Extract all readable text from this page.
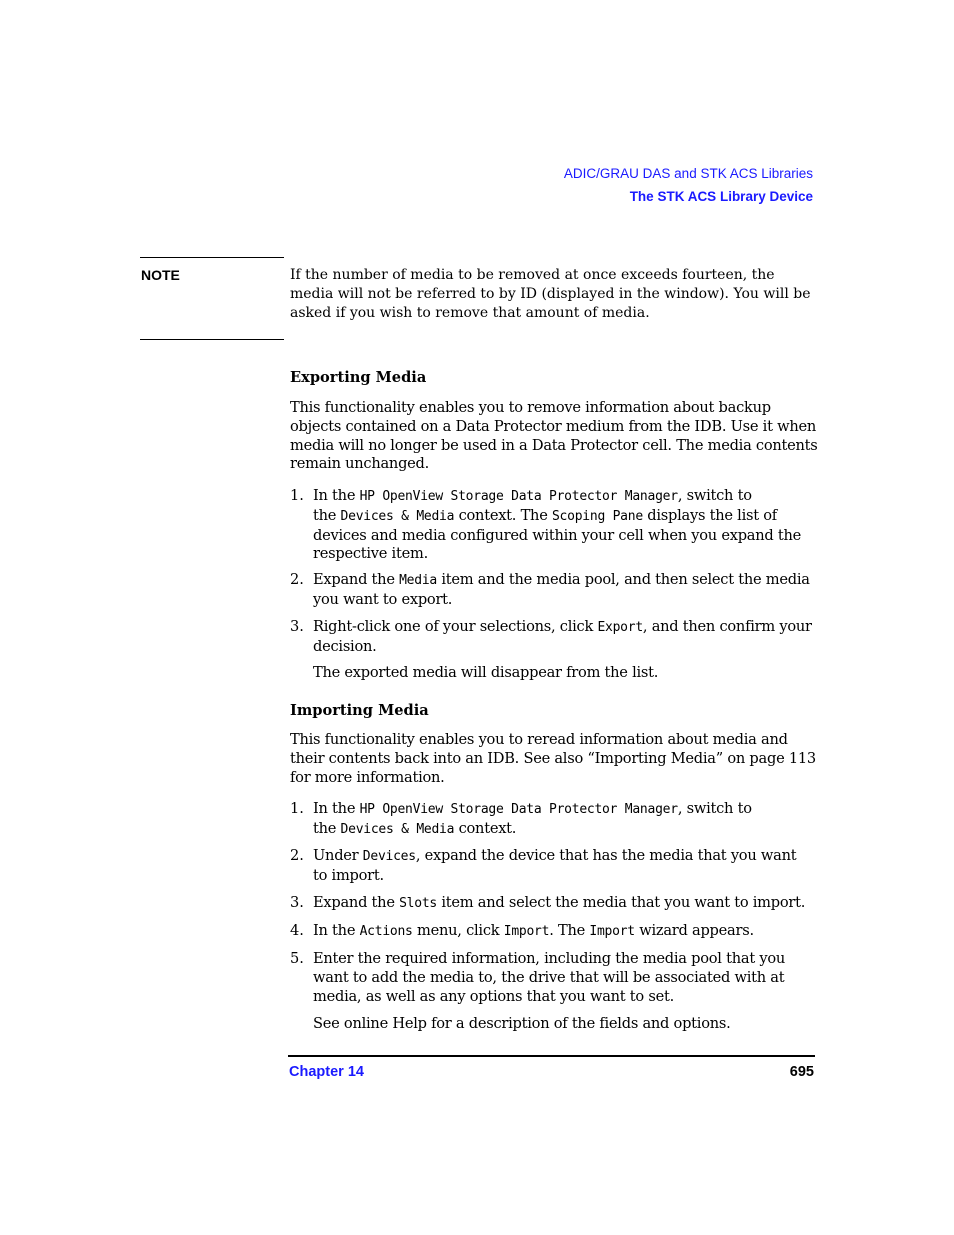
ADIC/GRAU DAS and STK ACS Libraries
The STK ACS Library Device
NOTE	If the number of media to be removed at once exceeds fourteen, the
media will not be referred to by ID (displayed in the window). You will be
asked if you wish to remove that amount of media.
Exporting Media
This functionality enables you to remove information about backup
objects contained on a Data Protector medium from the IDB. Use it when
media will no longer be used in a Data Protector cell. The media contents
remain unchanged.
1. In the HP OpenView Storage Data Protector Manager, switch to
the Devices & Media context. The Scoping Pane displays the list of
devices and media configured within your cell when you expand the
respective item.
2. Expand the Media item and the media pool, and then select the media
you want to export.
3. Right-click one of your selections, click Export, and then confirm your
decision.
The exported media will disappear from the list.
Importing Media
This functionality enables you to reread information about media and
their contents back into an IDB. See also “Importing Media” on page 113
for more information.
1. In the HP OpenView Storage Data Protector Manager, switch to
the Devices & Media context.
2. Under Devices, expand the device that has the media that you want
to import.
3. Expand the Slots item and select the media that you want to import.
4. In the Actions menu, click Import. The Import wizard appears.
5. Enter the required information, including the media pool that you
want to add the media to, the drive that will be associated with at
media, as well as any options that you want to set.
See online Help for a description of the fields and options.
Chapter 14	695
